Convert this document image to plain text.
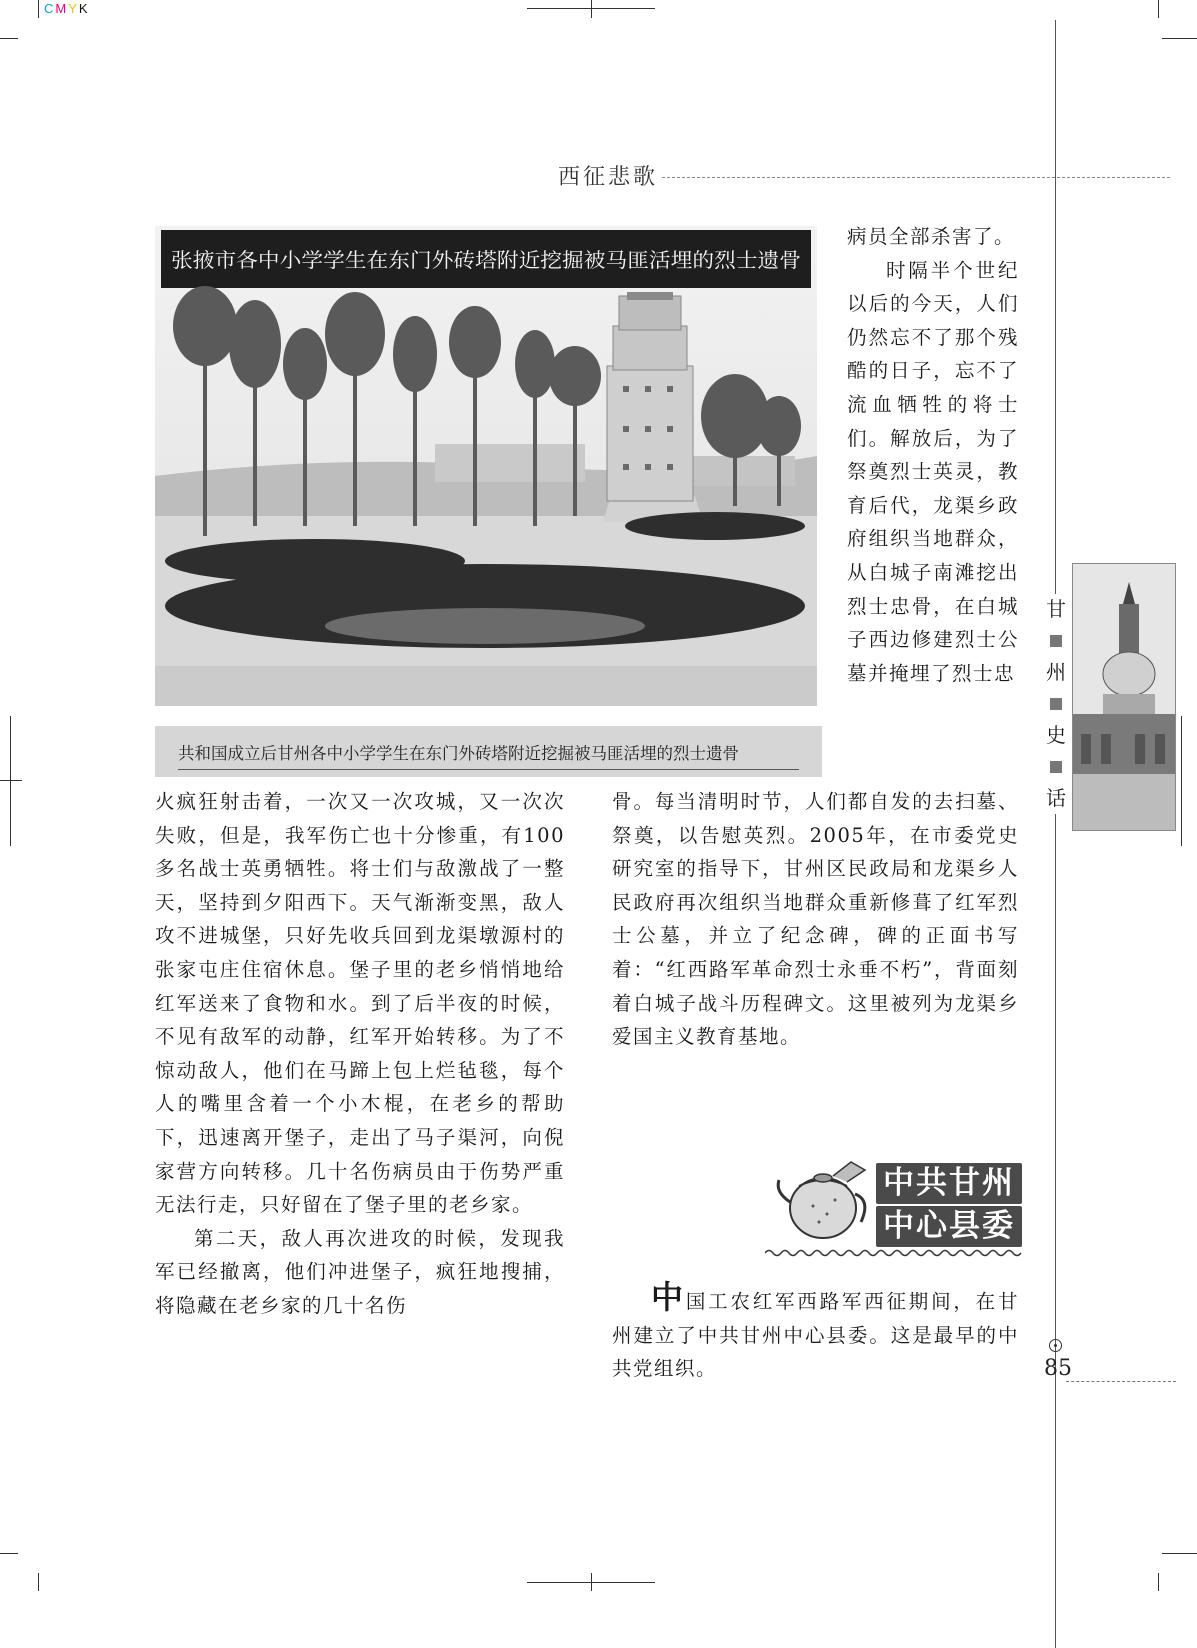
CMYK
西征悲歌
张掖市各中小学学生在东门外砖塔附近挖掘被马匪活埋的烈士遗骨
共和国成立后甘州各中小学学生在东门外砖塔附近挖掘被马匪活埋的烈士遗骨

病员全部杀害了。

时隔半个世纪以后的今天，人们仍然忘不了那个残酷的日子，忘不了流血牺牲的将士们。解放后，为了祭奠烈士英灵，教育后代，龙渠乡政府组织当地群众，从白城子南滩挖出烈士忠骨，在白城子西边修建烈士公墓并掩埋了烈士忠

火疯狂射击着，一次又一次攻城，又一次次失败，但是，我军伤亡也十分惨重，有100多名战士英勇牺牲。将士们与敌激战了一整天，坚持到夕阳西下。天气渐渐变黑，敌人攻不进城堡，只好先收兵回到龙渠墩源村的张家屯庄住宿休息。堡子里的老乡悄悄地给红军送来了食物和水。到了后半夜的时候，不见有敌军的动静，红军开始转移。为了不惊动敌人，他们在马蹄上包上烂毡毯，每个人的嘴里含着一个小木棍，在老乡的帮助下，迅速离开堡子，走出了马子渠河，向倪家营方向转移。几十名伤病员由于伤势严重无法行走，只好留在了堡子里的老乡家。

第二天，敌人再次进攻的时候，发现我军已经撤离，他们冲进堡子，疯狂地搜捕，将隐藏在老乡家的几十名伤

骨。每当清明时节，人们都自发的去扫墓、祭奠，以告慰英烈。2005年，在市委党史研究室的指导下，甘州区民政局和龙渠乡人民政府再次组织当地群众重新修葺了红军烈士公墓，并立了纪念碑，碑的正面书写着：“红西路军革命烈士永垂不朽”，背面刻着白城子战斗历程碑文。这里被列为龙渠乡爱国主义教育基地。

中共甘州
中心县委

中国工农红军西路军西征期间，在甘州建立了中共甘州中心县委。这是最早的中共党组织。

甘
州
史
话
85
